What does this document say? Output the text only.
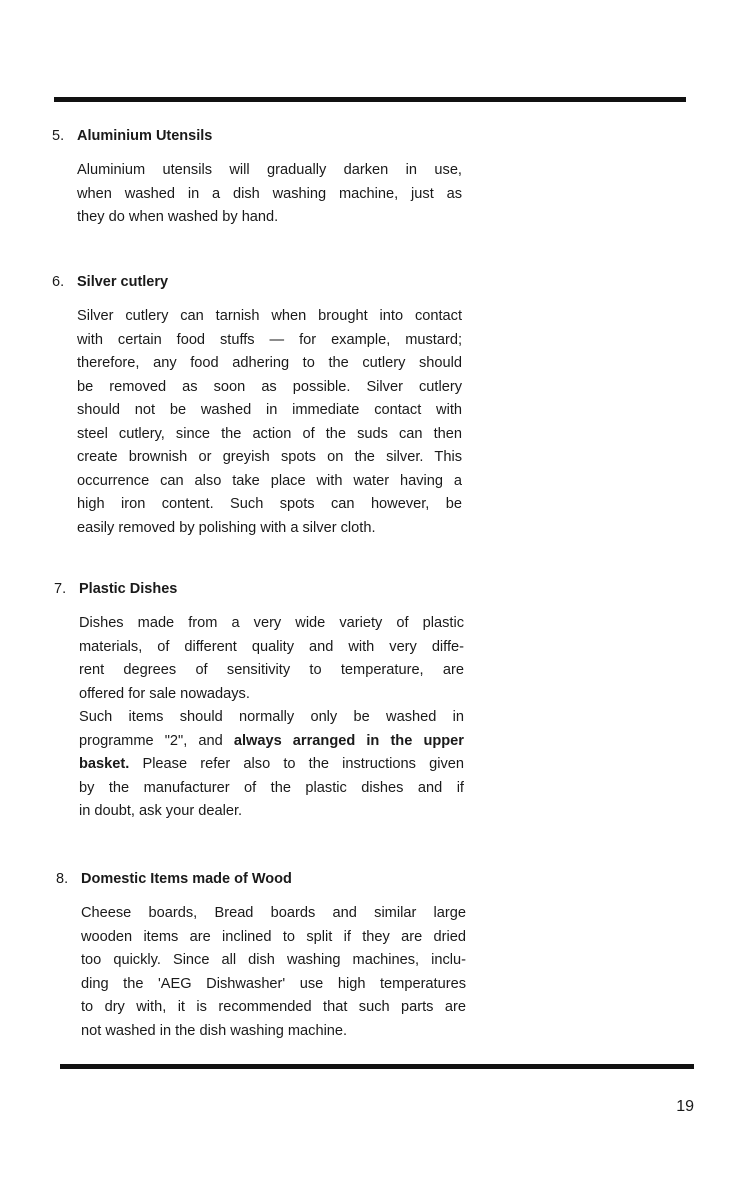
5. Aluminium Utensils
Aluminium utensils will gradually darken in use,
when washed in a dish washing machine, just as
they do when washed by hand.
6. Silver cutlery
Silver cutlery can tarnish when brought into contact
with certain food stuffs — for example, mustard;
therefore, any food adhering to the cutlery should
be removed as soon as possible. Silver cutlery
should not be washed in immediate contact with
steel cutlery, since the action of the suds can then
create brownish or greyish spots on the silver. This
occurrence can also take place with water having a
high iron content. Such spots can however, be
easily removed by polishing with a silver cloth.
7. Plastic Dishes
Dishes made from a very wide variety of plastic
materials, of different quality and with very diffe-
rent degrees of sensitivity to temperature, are
offered for sale nowadays.
Such items should normally only be washed in
programme "2", and always arranged in the upper
basket. Please refer also to the instructions given
by the manufacturer of the plastic dishes and if
in doubt, ask your dealer.
8. Domestic Items made of Wood
Cheese boards, Bread boards and similar large
wooden items are inclined to split if they are dried
too quickly. Since all dish washing machines, inclu-
ding the 'AEG Dishwasher' use high temperatures
to dry with, it is recommended that such parts are
not washed in the dish washing machine.
19
